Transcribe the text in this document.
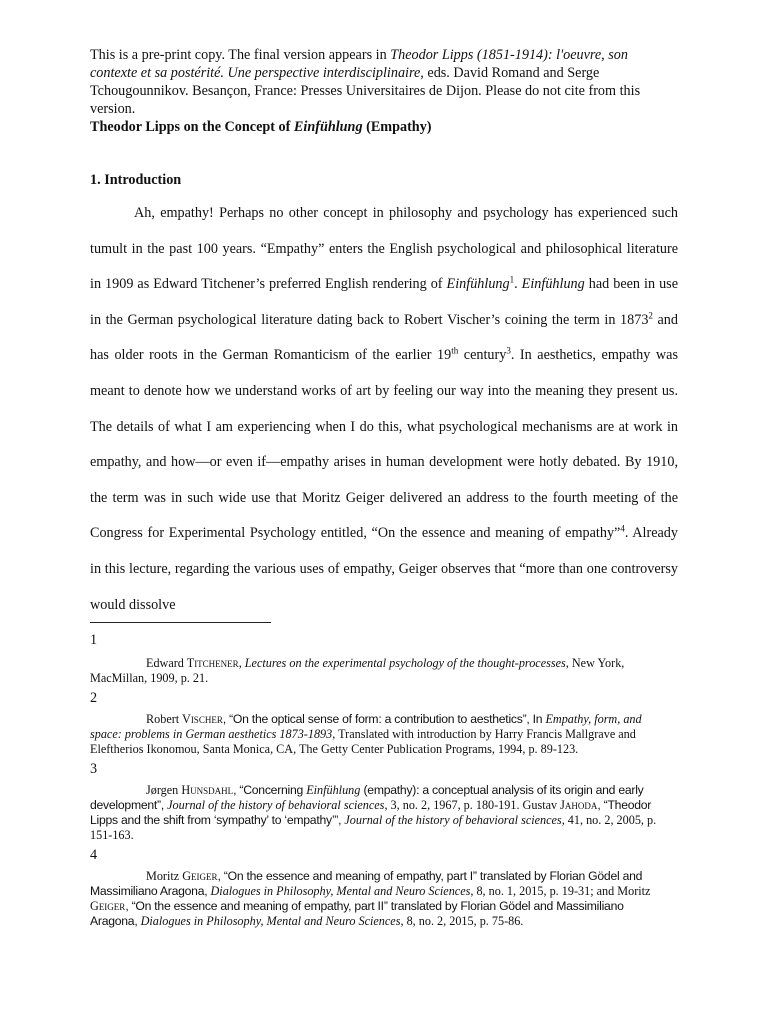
This is a pre-print copy. The final version appears in Theodor Lipps (1851-1914): l'oeuvre, son contexte et sa postérité. Une perspective interdisciplinaire, eds. David Romand and Serge Tchougounnikov. Besançon, France: Presses Universitaires de Dijon. Please do not cite from this version.
Theodor Lipps on the Concept of Einfühlung (Empathy)
1. Introduction

Ah, empathy! Perhaps no other concept in philosophy and psychology has experienced such tumult in the past 100 years. “Empathy” enters the English psychological and philosophical literature in 1909 as Edward Titchener’s preferred English rendering of Einfühlung$^1$. Einfühlung had been in use in the German psychological literature dating back to Robert Vischer’s coining the term in 1873$^2$ and has older roots in the German Romanticism of the earlier 19th century$^3$. In aesthetics, empathy was meant to denote how we understand works of art by feeling our way into the meaning they present us. The details of what I am experiencing when I do this, what psychological mechanisms are at work in empathy, and how—or even if—empathy arises in human development were hotly debated. By 1910, the term was in such wide use that Moritz Geiger delivered an address to the fourth meeting of the Congress for Experimental Psychology entitled, “On the essence and meaning of empathy”$^4$. Already in this lecture, regarding the various uses of empathy, Geiger observes that “more than one controversy would dissolve

1
Edward Titchener, Lectures on the experimental psychology of the thought-processes, New York, MacMillan, 1909, p. 21.
2
Robert Vischer, “On the optical sense of form: a contribution to aesthetics”, In Empathy, form, and space: problems in German aesthetics 1873-1893, Translated with introduction by Harry Francis Mallgrave and Eleftherios Ikonomou, Santa Monica, CA, The Getty Center Publication Programs, 1994, p. 89-123.
3
Jørgen Hunsdahl, “Concerning Einfühlung (empathy): a conceptual analysis of its origin and early development”, Journal of the history of behavioral sciences, 3, no. 2, 1967, p. 180-191. Gustav Jahoda, “Theodor Lipps and the shift from ‘sympathy’ to ‘empathy’”, Journal of the history of behavioral sciences, 41, no. 2, 2005, p. 151-163.
4
Moritz Geiger, “On the essence and meaning of empathy, part I” translated by Florian Gödel and Massimiliano Aragona, Dialogues in Philosophy, Mental and Neuro Sciences, 8, no. 1, 2015, p. 19-31; and Moritz Geiger, “On the essence and meaning of empathy, part II” translated by Florian Gödel and Massimiliano Aragona, Dialogues in Philosophy, Mental and Neuro Sciences, 8, no. 2, 2015, p. 75-86.
